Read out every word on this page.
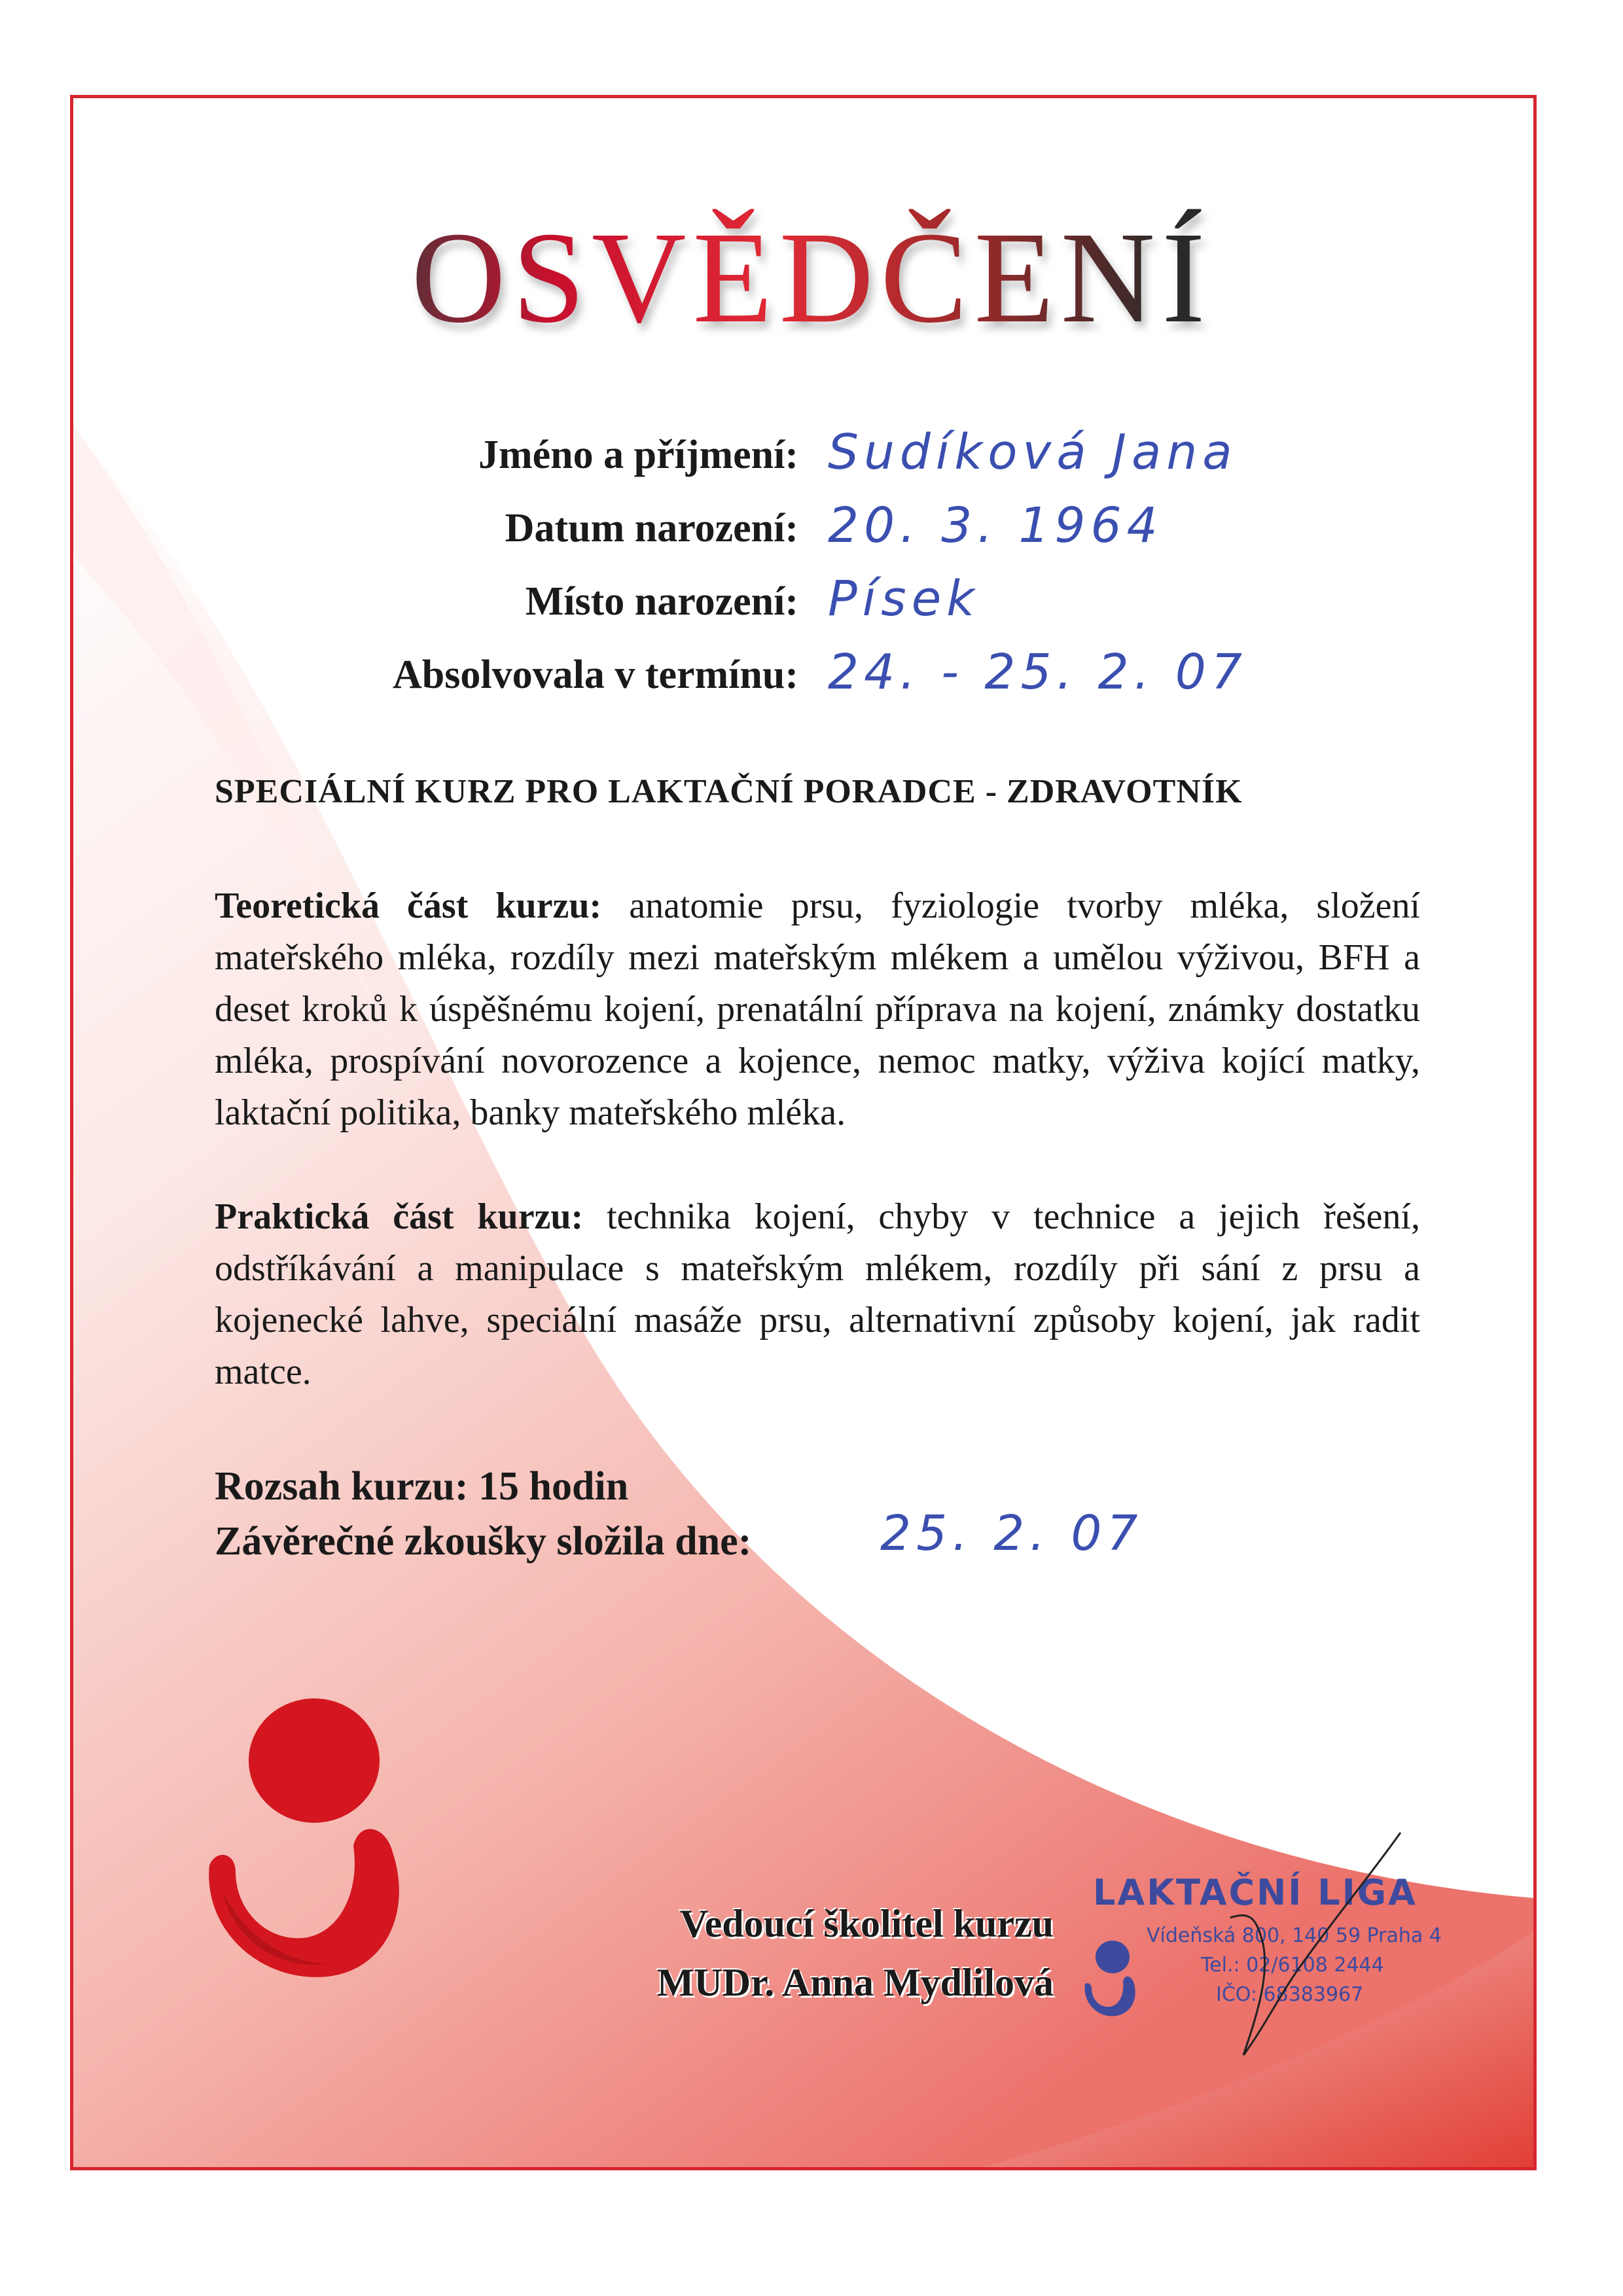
OSVĚDČENÍ
Jméno a příjmení: Sudíková Jana
Datum narození: 20. 3. 1964
Místo narození: Písek
Absolvovala v termínu: 24. - 25. 2. 07
SPECIÁLNÍ KURZ PRO LAKTAČNÍ PORADCE - ZDRAVOTNÍK
Teoretická část kurzu: anatomie prsu, fyziologie tvorby mléka, složení mateřského mléka, rozdíly mezi mateřským mlékem a umělou výživou, BFH a deset kroků k úspěšnému kojení, prenatální příprava na kojení, známky dostatku mléka, prospívání novorozence a kojence, nemoc matky, výživa kojící matky, laktační politika, banky mateřského mléka.
Praktická část kurzu: technika kojení, chyby v technice a jejich řešení, odstříkávání a manipulace s mateřským mlékem, rozdíly při sání z prsu a kojenecké lahve, speciální masáže prsu, alternativní způsoby kojení, jak radit matce.
Rozsah kurzu: 15 hodin
Závěrečné zkoušky složila dne:	25. 2. 07
Vedoucí školitel kurzu
MUDr. Anna Mydlilová
LAKTAČNÍ LIGA
Vídeňská 800, 140 59 Praha 4
Tel.: 02/6108 2444
IČO: 68383967
